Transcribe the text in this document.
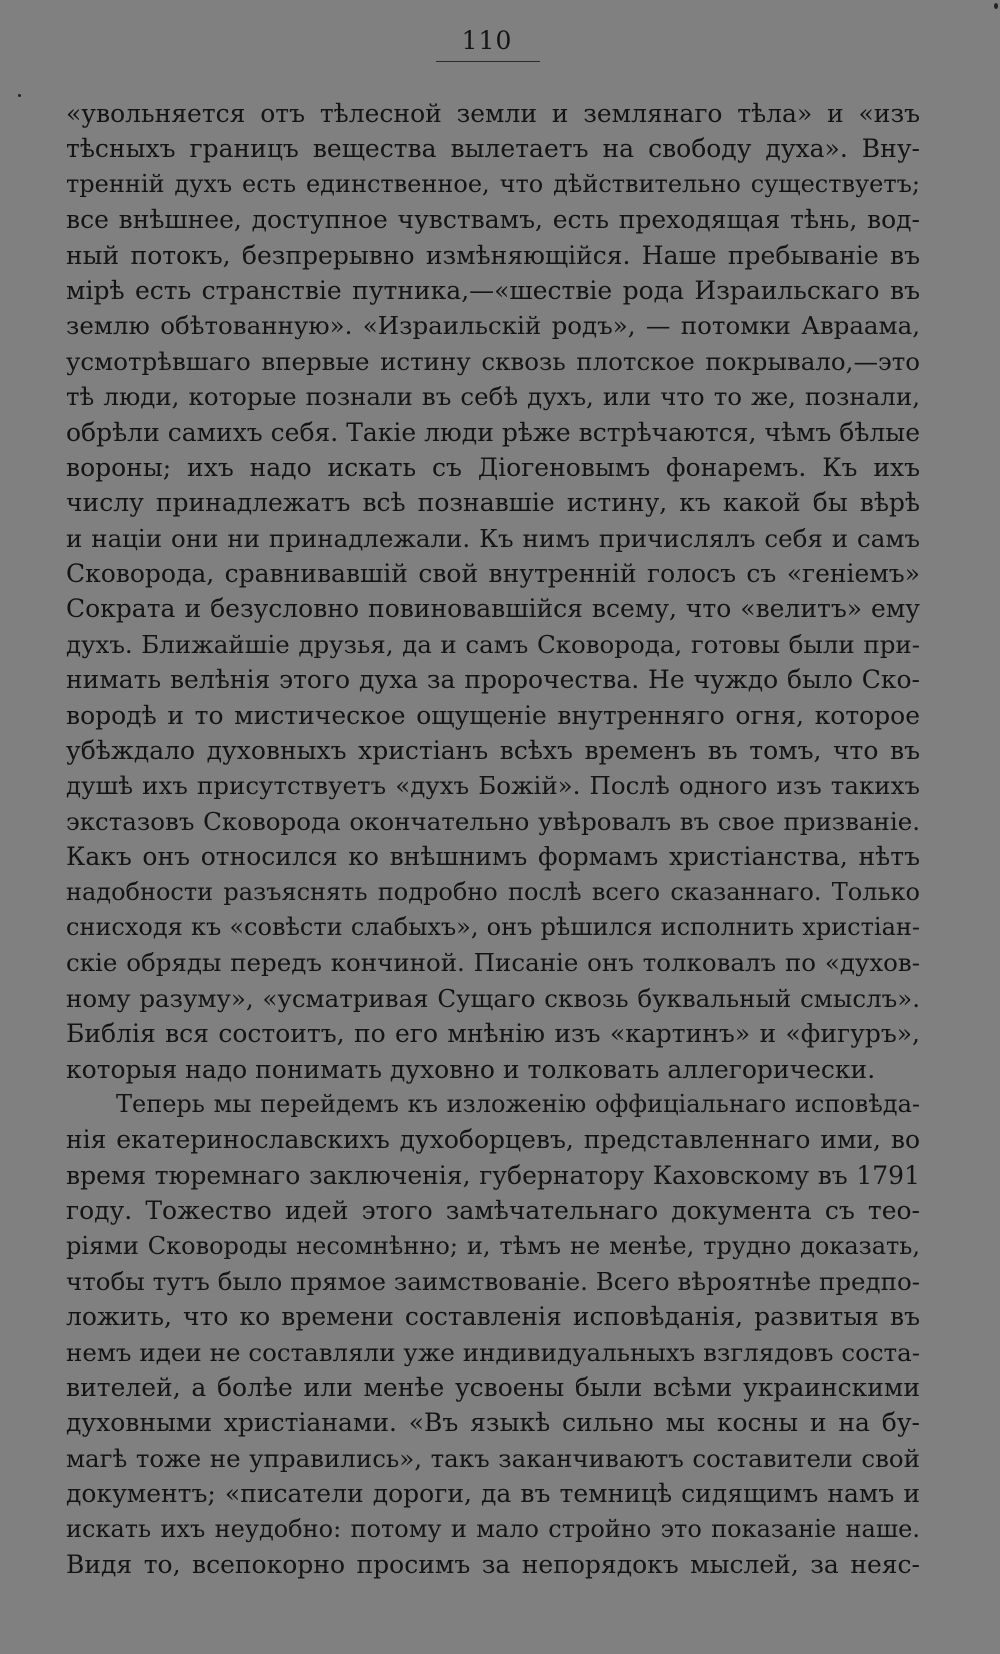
110
«увольняется отъ тѣлесной земли и землянаго тѣла» и «изъ
тѣсныхъ границъ вещества вылетаетъ на свободу духа». Вну-
тренній духъ есть единственное, что дѣйствительно существуетъ;
все внѣшнее, доступное чувствамъ, есть преходящая тѣнь, вод-
ный потокъ, безпрерывно измѣняющійся. Наше пребываніе въ
мірѣ есть странствіе путника,—«шествіе рода Израильскаго въ
землю обѣтованную». «Израильскій родъ», — потомки Авраама,
усмотрѣвшаго впервые истину сквозь плотское покрывало,—это
тѣ люди, которые познали въ себѣ духъ, или что то же, познали,
обрѣли самихъ себя. Такіе люди рѣже встрѣчаются, чѣмъ бѣлые
вороны; ихъ надо искать съ Діогеновымъ фонаремъ. Къ ихъ
числу принадлежатъ всѣ познавшіе истину, къ какой бы вѣрѣ
и націи они ни принадлежали. Къ нимъ причислялъ себя и самъ
Сковорода, сравнивавшій свой внутренній голосъ съ «геніемъ»
Сократа и безусловно повиновавшійся всему, что «велитъ» ему
духъ. Ближайшіе друзья, да и самъ Сковорода, готовы были при-
нимать велѣнія этого духа за пророчества. Не чуждо было Ско-
вородѣ и то мистическое ощущеніе внутренняго огня, которое
убѣждало духовныхъ христіанъ всѣхъ временъ въ томъ, что въ
душѣ ихъ присутствуетъ «духъ Божій». Послѣ одного изъ такихъ
экстазовъ Сковорода окончательно увѣровалъ въ свое призваніе.
Какъ онъ относился ко внѣшнимъ формамъ христіанства, нѣтъ
надобности разъяснять подробно послѣ всего сказаннаго. Только
снисходя къ «совѣсти слабыхъ», онъ рѣшился исполнить христіан-
скіе обряды передъ кончиной. Писаніе онъ толковалъ по «духов-
ному разуму», «усматривая Сущаго сквозь буквальный смыслъ».
Библія вся состоитъ, по его мнѣнію изъ «картинъ» и «фигуръ»,
которыя надо понимать духовно и толковать аллегорически.
Теперь мы перейдемъ къ изложенію оффиціальнаго исповѣда-
нія екатеринославскихъ духоборцевъ, представленнаго ими, во
время тюремнаго заключенія, губернатору Каховскому въ 1791
году. Тожество идей этого замѣчательнаго документа съ тео-
ріями Сковороды несомнѣнно; и, тѣмъ не менѣе, трудно доказать,
чтобы тутъ было прямое заимствованіе. Всего вѣроятнѣе предпо-
ложить, что ко времени составленія исповѣданія, развитыя въ
немъ идеи не составляли уже индивидуальныхъ взглядовъ соста-
вителей, а болѣе или менѣе усвоены были всѣми украинскими
духовными христіанами. «Въ языкѣ сильно мы косны и на бу-
магѣ тоже не управились», такъ заканчиваютъ составители свой
документъ; «писатели дороги, да въ темницѣ сидящимъ намъ и
искать ихъ неудобно: потому и мало стройно это показаніе наше.
Видя то, всепокорно просимъ за непорядокъ мыслей, за неяс-
